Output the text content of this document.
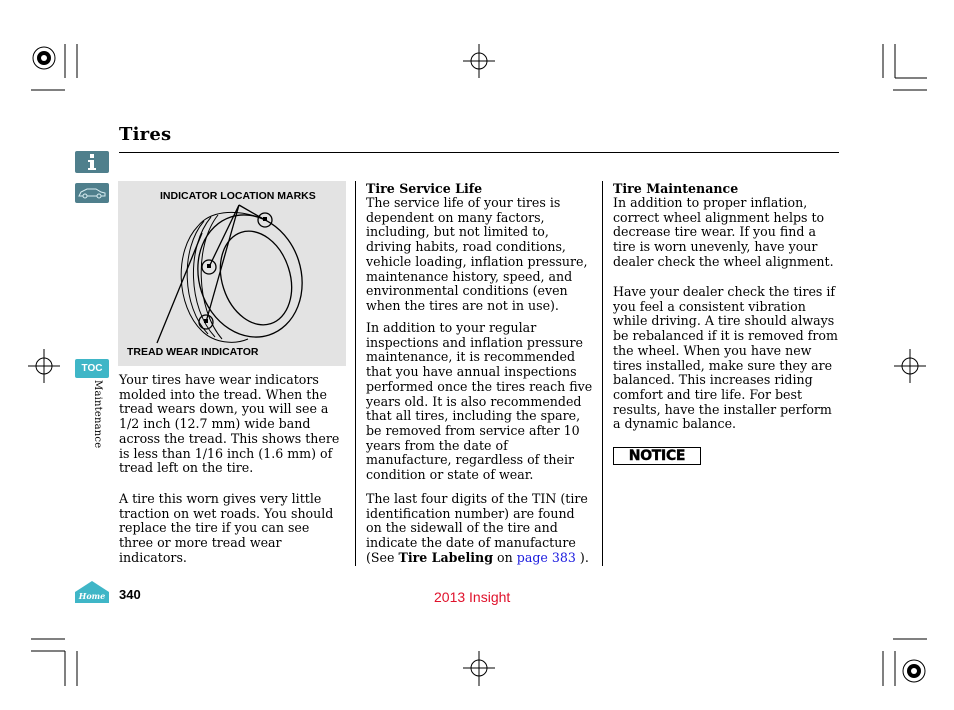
Tires
TOC
Maintenance
Home
INDICATOR LOCATION MARKS
TREAD WEAR INDICATOR
Your tires have wear indicators molded into the tread. When the tread wears down, you will see a 1/2 inch (12.7 mm) wide band across the tread. This shows there is less than 1/16 inch (1.6 mm) of tread left on the tire.
A tire this worn gives very little traction on wet roads. You should replace the tire if you can see three or more tread wear indicators.
Tire Service Life
The service life of your tires is dependent on many factors, including, but not limited to, driving habits, road conditions, vehicle loading, inflation pressure, maintenance history, speed, and environmental conditions (even when the tires are not in use).
In addition to your regular inspections and inflation pressure maintenance, it is recommended that you have annual inspections performed once the tires reach five years old. It is also recommended that all tires, including the spare, be removed from service after 10 years from the date of manufacture, regardless of their condition or state of wear.
The last four digits of the TIN (tire identification number) are found on the sidewall of the tire and indicate the date of manufacture (See Tire Labeling on page 383 ).
Tire Maintenance
In addition to proper inflation, correct wheel alignment helps to decrease tire wear. If you find a tire is worn unevenly, have your dealer check the wheel alignment.
Have your dealer check the tires if you feel a consistent vibration while driving. A tire should always be rebalanced if it is removed from the wheel. When you have new tires installed, make sure they are balanced. This increases riding comfort and tire life. For best results, have the installer perform a dynamic balance.
NOTICE
340	2013 Insight
